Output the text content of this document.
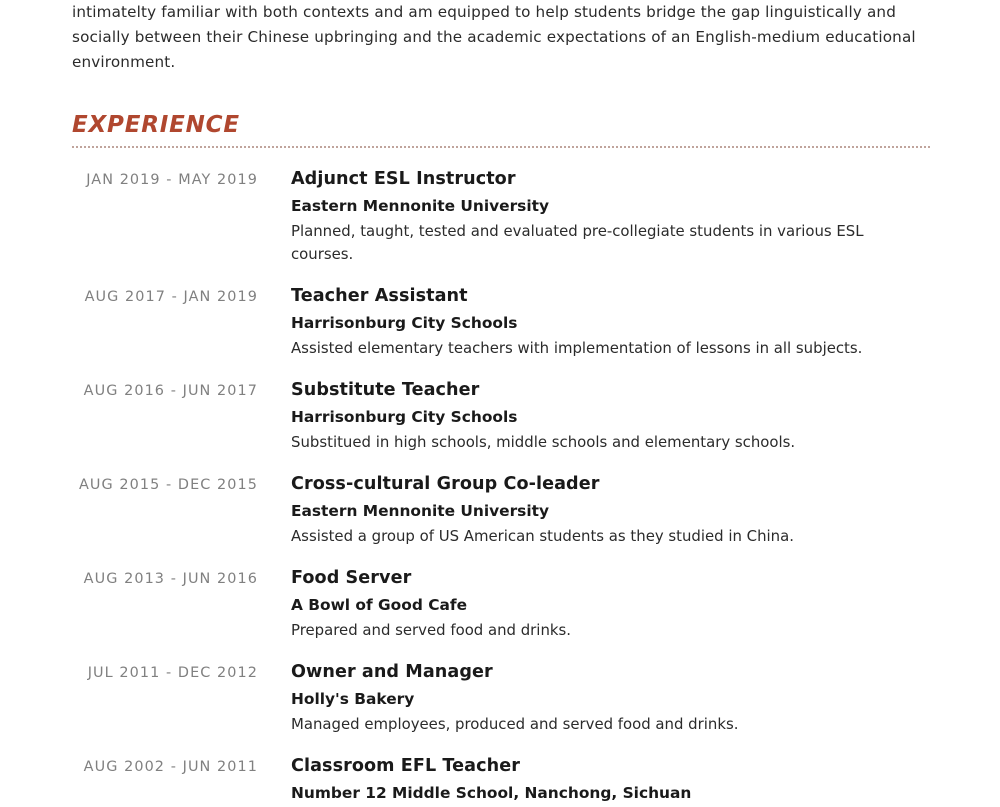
intimatelty familiar with both contexts and am equipped to help students bridge the gap linguistically and socially between their Chinese upbringing and the academic expectations of an English-medium educational environment.

EXPERIENCE
JAN 2019 - MAY 2019 Adjunct ESL Instructor
Eastern Mennonite University
Planned, taught, tested and evaluated pre-collegiate students in various ESL courses.
AUG 2017 - JAN 2019 Teacher Assistant
Harrisonburg City Schools
Assisted elementary teachers with implementation of lessons in all subjects.
AUG 2016 - JUN 2017 Substitute Teacher
Harrisonburg City Schools
Substitued in high schools, middle schools and elementary schools.
AUG 2015 - DEC 2015 Cross-cultural Group Co-leader
Eastern Mennonite University
Assisted a group of US American students as they studied in China.
AUG 2013 - JUN 2016 Food Server
A Bowl of Good Cafe
Prepared and served food and drinks.
JUL 2011 - DEC 2012 Owner and Manager
Holly's Bakery
Managed employees, produced and served food and drinks.
AUG 2002 - JUN 2011 Classroom EFL Teacher
Number 12 Middle School, Nanchong, Sichuan
